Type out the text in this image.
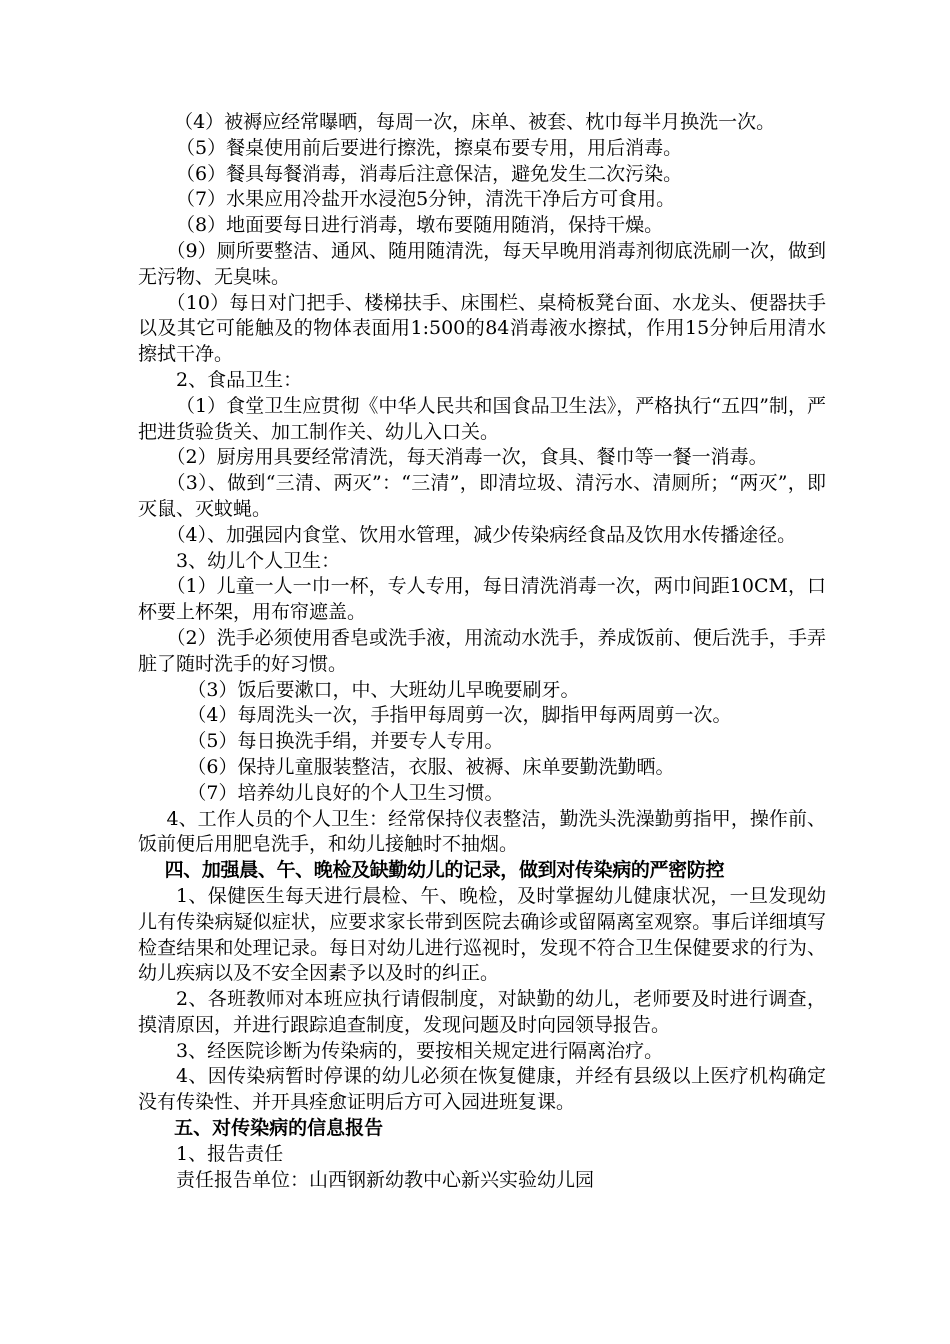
（4）被褥应经常曝晒，每周一次，床单、被套、枕巾每半月换洗一次。

（5）餐桌使用前后要进行擦洗，擦桌布要专用，用后消毒。

（6）餐具每餐消毒，消毒后注意保洁，避免发生二次污染。

（7）水果应用冷盐开水浸泡5分钟，清洗干净后方可食用。

（8）地面要每日进行消毒，墩布要随用随消，保持干燥。

（9）厕所要整洁、通风、随用随清洗，每天早晚用消毒剂彻底洗刷一次，做到无污物、无臭味。

（10）每日对门把手、楼梯扶手、床围栏、桌椅板凳台面、水龙头、便器扶手以及其它可能触及的物体表面用1:500的84消毒液水擦拭，作用15分钟后用清水擦拭干净。

2、食品卫生：

（1）食堂卫生应贯彻《中华人民共和国食品卫生法》，严格执行“五四”制，严把进货验货关、加工制作关、幼儿入口关。

（2）厨房用具要经常清洗，每天消毒一次，食具、餐巾等一餐一消毒。

（3）、做到“三清、两灭”：“三清”，即清垃圾、清污水、清厕所；“两灭”，即灭鼠、灭蚊蝇。

（4）、加强园内食堂、饮用水管理，减少传染病经食品及饮用水传播途径。

3、幼儿个人卫生：

（1）儿童一人一巾一杯，专人专用，每日清洗消毒一次，两巾间距10CM，口杯要上杯架，用布帘遮盖。

（2）洗手必须使用香皂或洗手液，用流动水洗手，养成饭前、便后洗手，手弄脏了随时洗手的好习惯。

（3）饭后要漱口，中、大班幼儿早晚要刷牙。

（4）每周洗头一次，手指甲每周剪一次，脚指甲每两周剪一次。

（5）每日换洗手绢，并要专人专用。

（6）保持儿童服装整洁，衣服、被褥、床单要勤洗勤晒。

（7）培养幼儿良好的个人卫生习惯。

4、工作人员的个人卫生：经常保持仪表整洁，勤洗头洗澡勤剪指甲，操作前、饭前便后用肥皂洗手，和幼儿接触时不抽烟。

四、加强晨、午、晚检及缺勤幼儿的记录，做到对传染病的严密防控

1、保健医生每天进行晨检、午、晚检，及时掌握幼儿健康状况，一旦发现幼儿有传染病疑似症状，应要求家长带到医院去确诊或留隔离室观察。事后详细填写检查结果和处理记录。每日对幼儿进行巡视时，发现不符合卫生保健要求的行为、幼儿疾病以及不安全因素予以及时的纠正。

2、各班教师对本班应执行请假制度，对缺勤的幼儿，老师要及时进行调查，摸清原因，并进行跟踪追查制度，发现问题及时向园领导报告。

3、经医院诊断为传染病的，要按相关规定进行隔离治疗。

4、因传染病暂时停课的幼儿必须在恢复健康，并经有县级以上医疗机构确定没有传染性、并开具痊愈证明后方可入园进班复课。

五、对传染病的信息报告

1、报告责任

责任报告单位：山西钢新幼教中心新兴实验幼儿园
